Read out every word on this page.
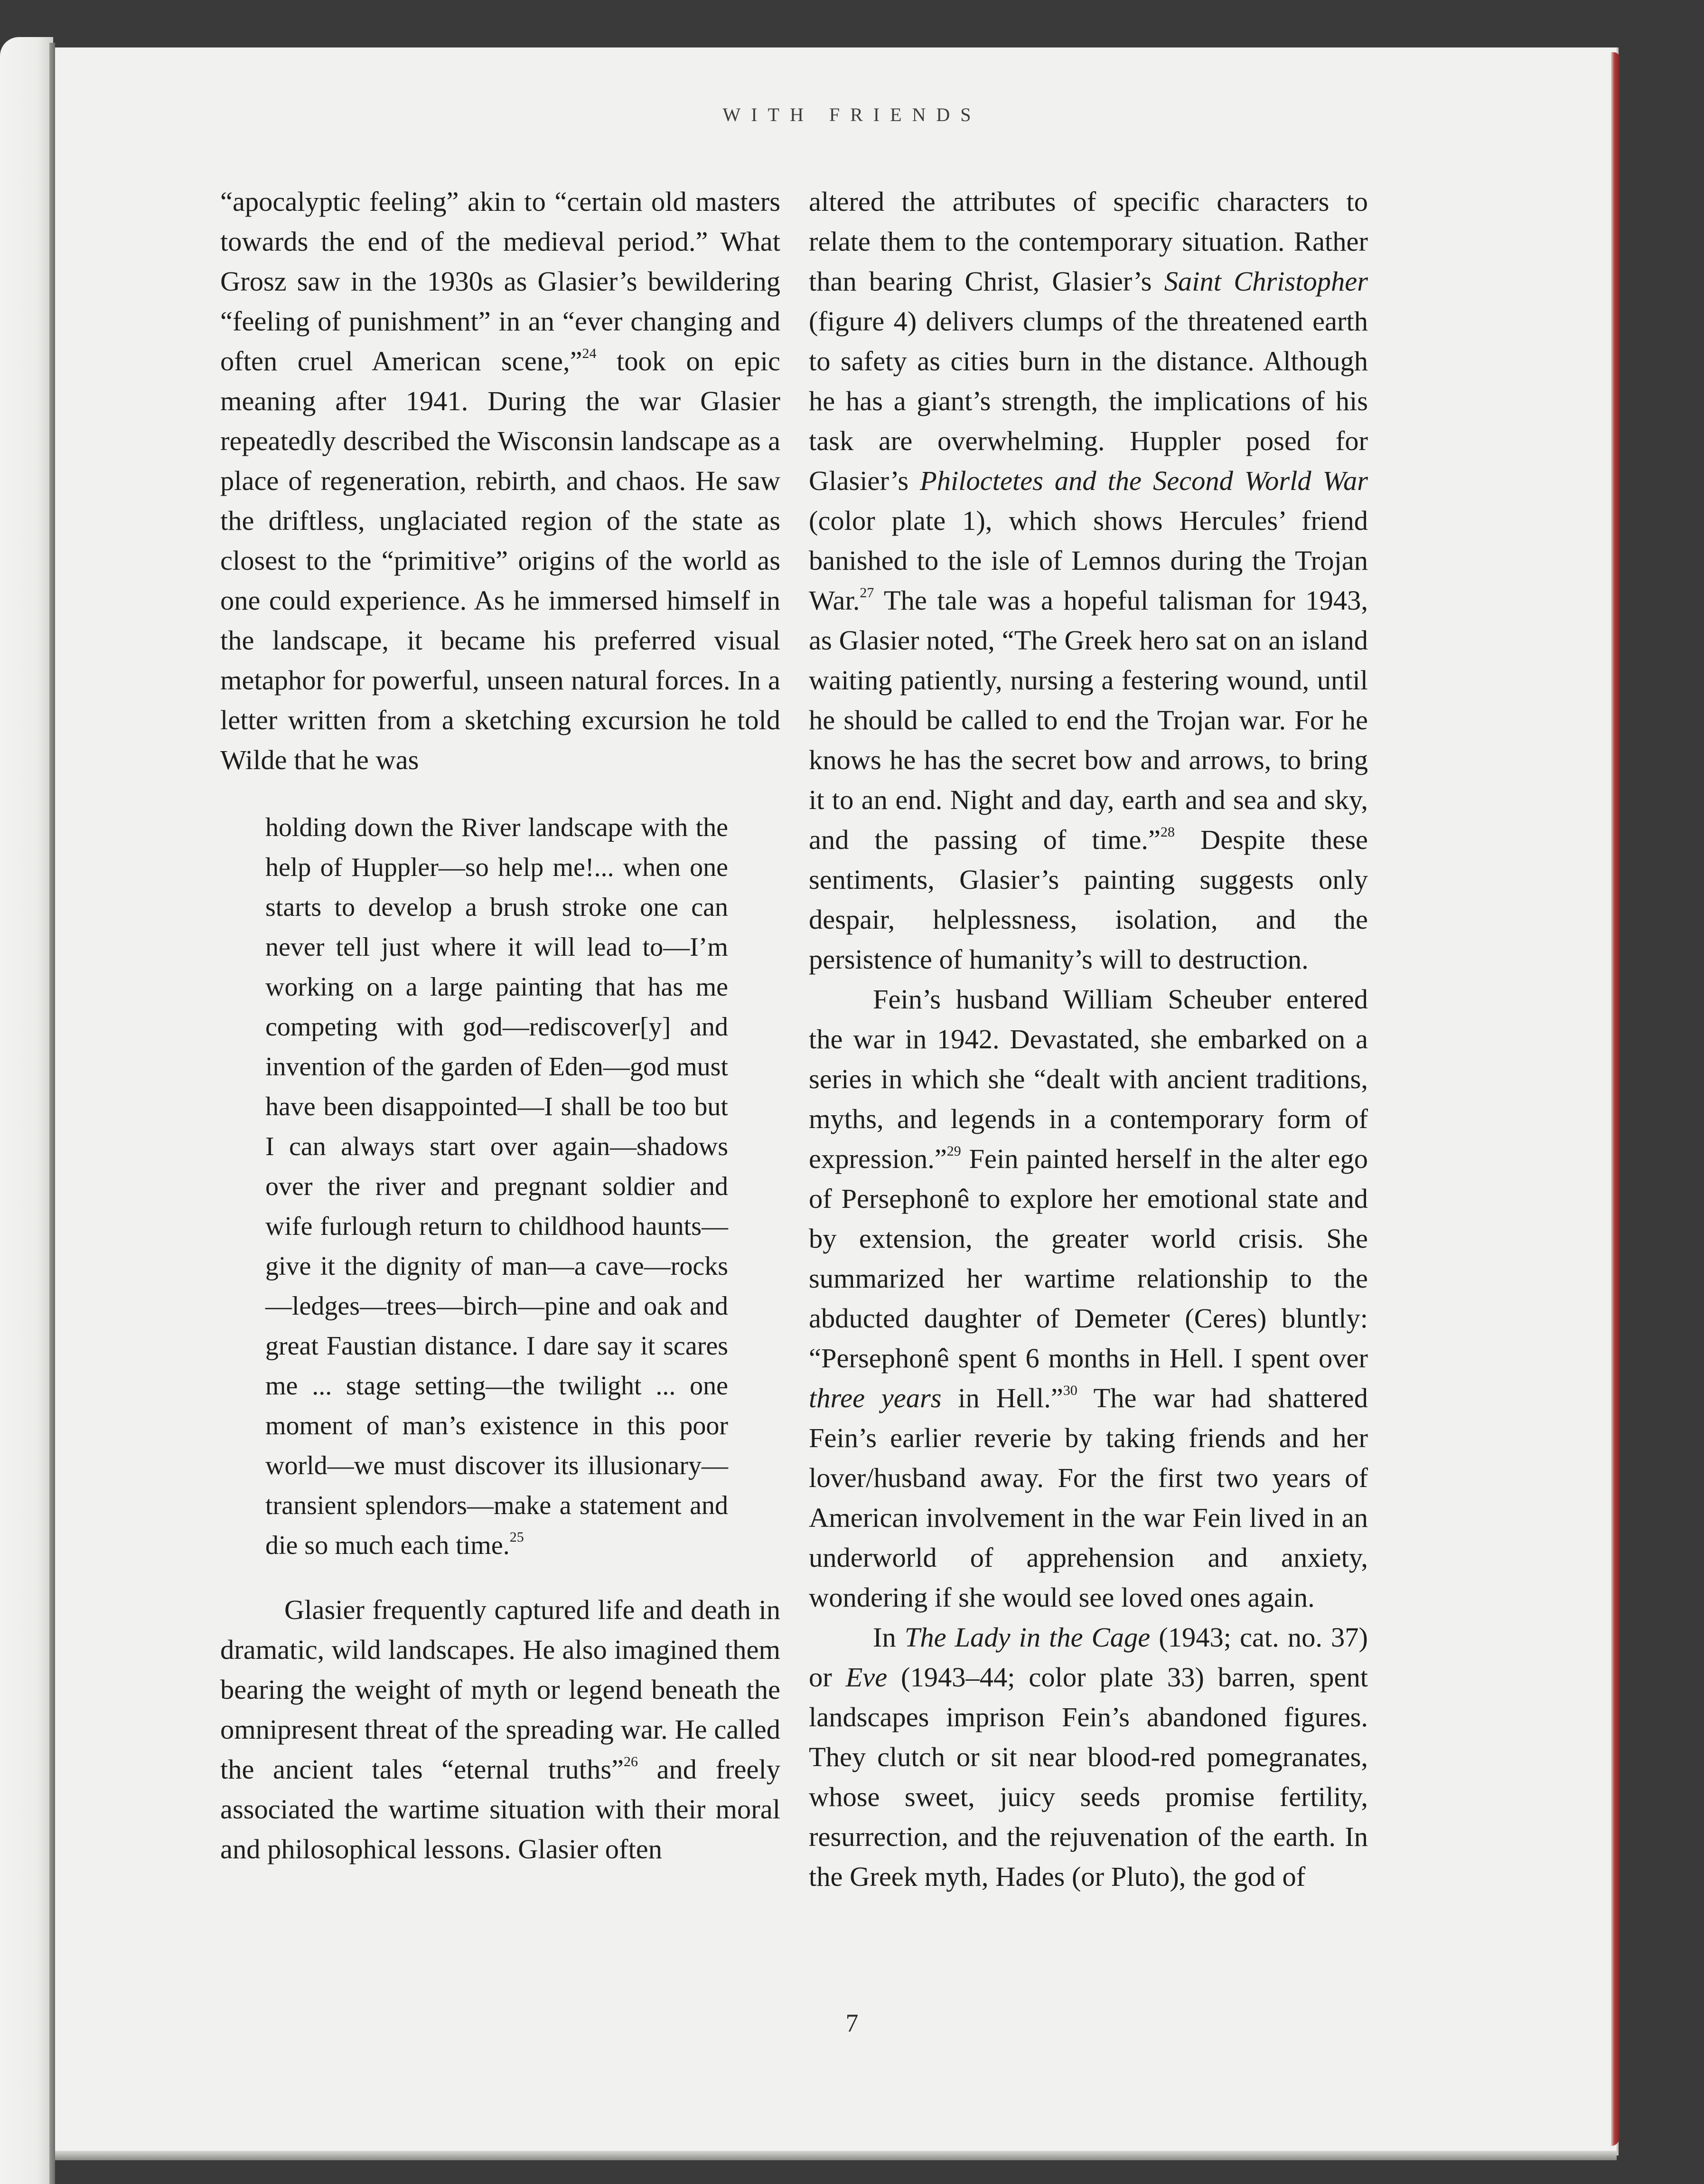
WITH FRIENDS

“apocalyptic feeling” akin to “certain old masters towards the end of the medieval period.” What Grosz saw in the 1930s as Glasier’s bewildering “feeling of punishment” in an “ever changing and often cruel American scene,”$^{24}$ took on epic meaning after 1941. During the war Glasier repeatedly described the Wisconsin landscape as a place of regeneration, rebirth, and chaos. He saw the driftless, unglaciated region of the state as closest to the “primitive” origins of the world as one could experience. As he immersed himself in the landscape, it became his preferred visual metaphor for powerful, unseen natural forces. In a letter written from a sketching excursion he told Wilde that he was

holding down the River landscape with the help of Huppler—so help me!... when one starts to develop a brush stroke one can never tell just where it will lead to—I’m working on a large painting that has me competing with god—rediscover[y] and invention of the garden of Eden—god must have been disappointed—I shall be too but I can always start over again—shadows over the river and pregnant soldier and wife furlough return to childhood haunts—give it the dignity of man—a cave—rocks—ledges—trees—birch—pine and oak and great Faustian distance. I dare say it scares me ... stage setting—the twilight ... one moment of man’s existence in this poor world—we must discover its illusionary—transient splendors—make a statement and die so much each time.$^{25}$

Glasier frequently captured life and death in dramatic, wild landscapes. He also imagined them bearing the weight of myth or legend beneath the omnipresent threat of the spreading war. He called the ancient tales “eternal truths”$^{26}$ and freely associated the wartime situation with their moral and philosophical lessons. Glasier often

altered the attributes of specific characters to relate them to the contemporary situation. Rather than bearing Christ, Glasier’s Saint Christopher (figure 4) delivers clumps of the threatened earth to safety as cities burn in the distance. Although he has a giant’s strength, the implications of his task are overwhelming. Huppler posed for Glasier’s Philoctetes and the Second World War (color plate 1), which shows Hercules’ friend banished to the isle of Lemnos during the Trojan War.$^{27}$ The tale was a hopeful talisman for 1943, as Glasier noted, “The Greek hero sat on an island waiting patiently, nursing a festering wound, until he should be called to end the Trojan war. For he knows he has the secret bow and arrows, to bring it to an end. Night and day, earth and sea and sky, and the passing of time.”$^{28}$ Despite these sentiments, Glasier’s painting suggests only despair, helplessness, isolation, and the persistence of humanity’s will to destruction.

Fein’s husband William Scheuber entered the war in 1942. Devastated, she embarked on a series in which she “dealt with ancient traditions, myths, and legends in a contemporary form of expression.”$^{29}$ Fein painted herself in the alter ego of Persephonê to explore her emotional state and by extension, the greater world crisis. She summarized her wartime relationship to the abducted daughter of Demeter (Ceres) bluntly: “Persephonê spent 6 months in Hell. I spent over three years in Hell.”$^{30}$ The war had shattered Fein’s earlier reverie by taking friends and her lover/husband away. For the first two years of American involvement in the war Fein lived in an underworld of apprehension and anxiety, wondering if she would see loved ones again.

In The Lady in the Cage (1943; cat. no. 37) or Eve (1943–44; color plate 33) barren, spent landscapes imprison Fein’s abandoned figures. They clutch or sit near blood-red pomegranates, whose sweet, juicy seeds promise fertility, resurrection, and the rejuvenation of the earth. In the Greek myth, Hades (or Pluto), the god of

7
